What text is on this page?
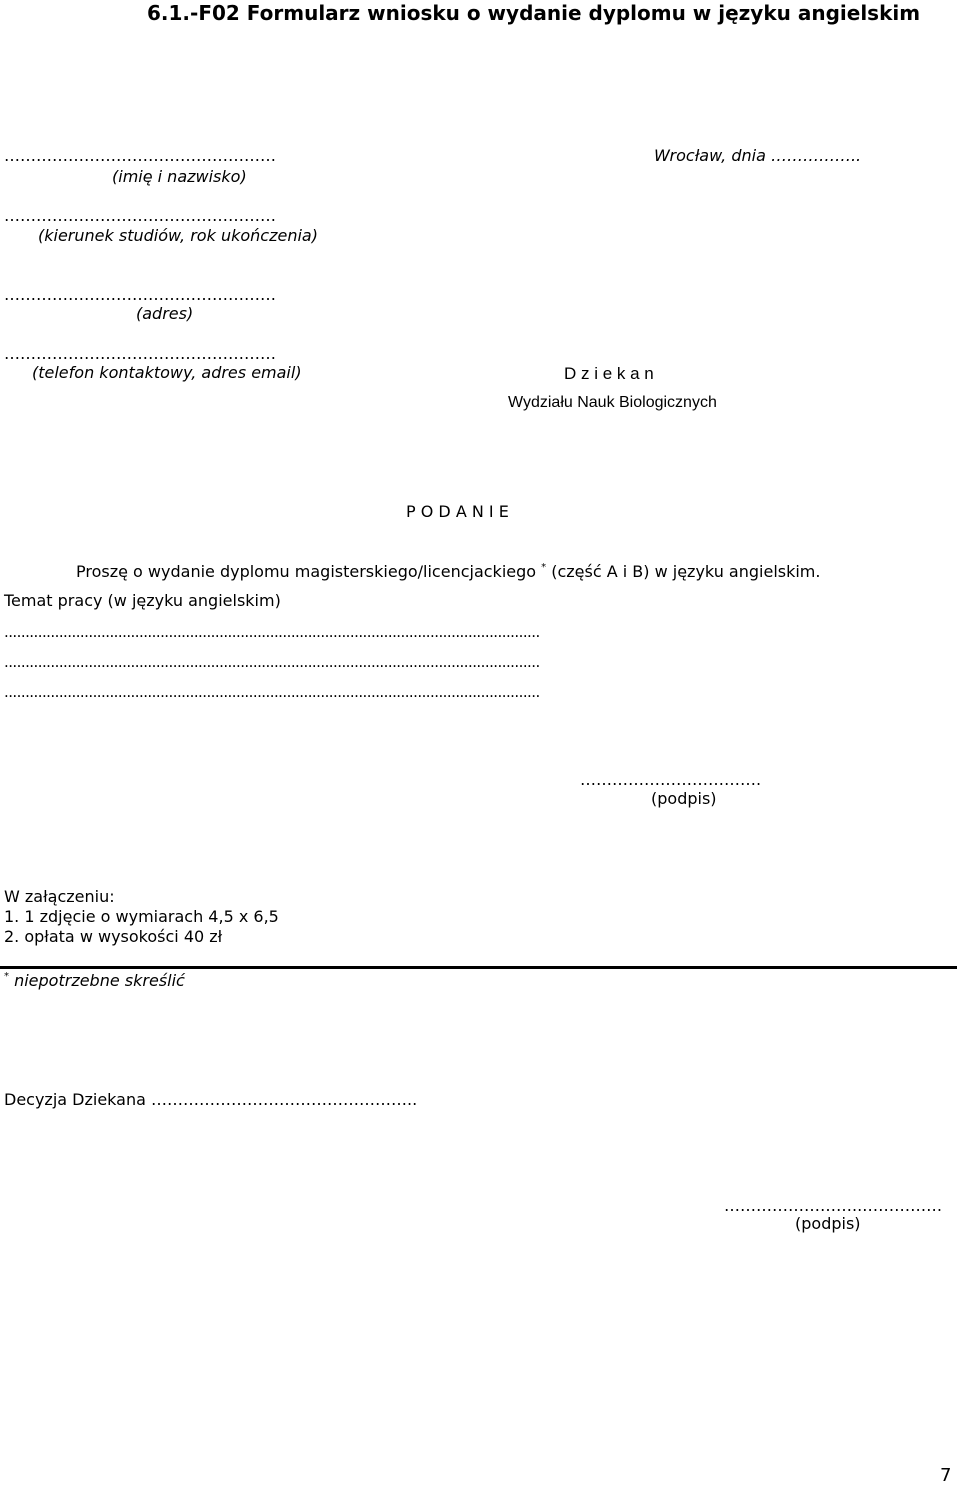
6.1.-F02 Formularz wniosku o wydanie dyplomu w języku angielskim
……………………………………………
(imię i nazwisko)
Wrocław, dnia ……………..
……………………………………………
(kierunek studiów, rok ukończenia)
……………………………………………
(adres)
……………………………………………
(telefon kontaktowy, adres email)	D z i e k a n
Wydziału Nauk Biologicznych
P O D A N I E
Proszę o wydanie dyplomu magisterskiego/licencjackiego * (część A i B) w języku angielskim.
Temat pracy (w języku angielskim)
...............................................................................................................................
...............................................................................................................................
...............................................................................................................................
…………………………….
(podpis)
W załączeniu:
1. 1 zdjęcie o wymiarach 4,5 x 6,5
2. opłata w wysokości 40 zł
* niepotrzebne skreślić
Decyzja Dziekana …………………………………………..
……………………..……………
(podpis)
7
